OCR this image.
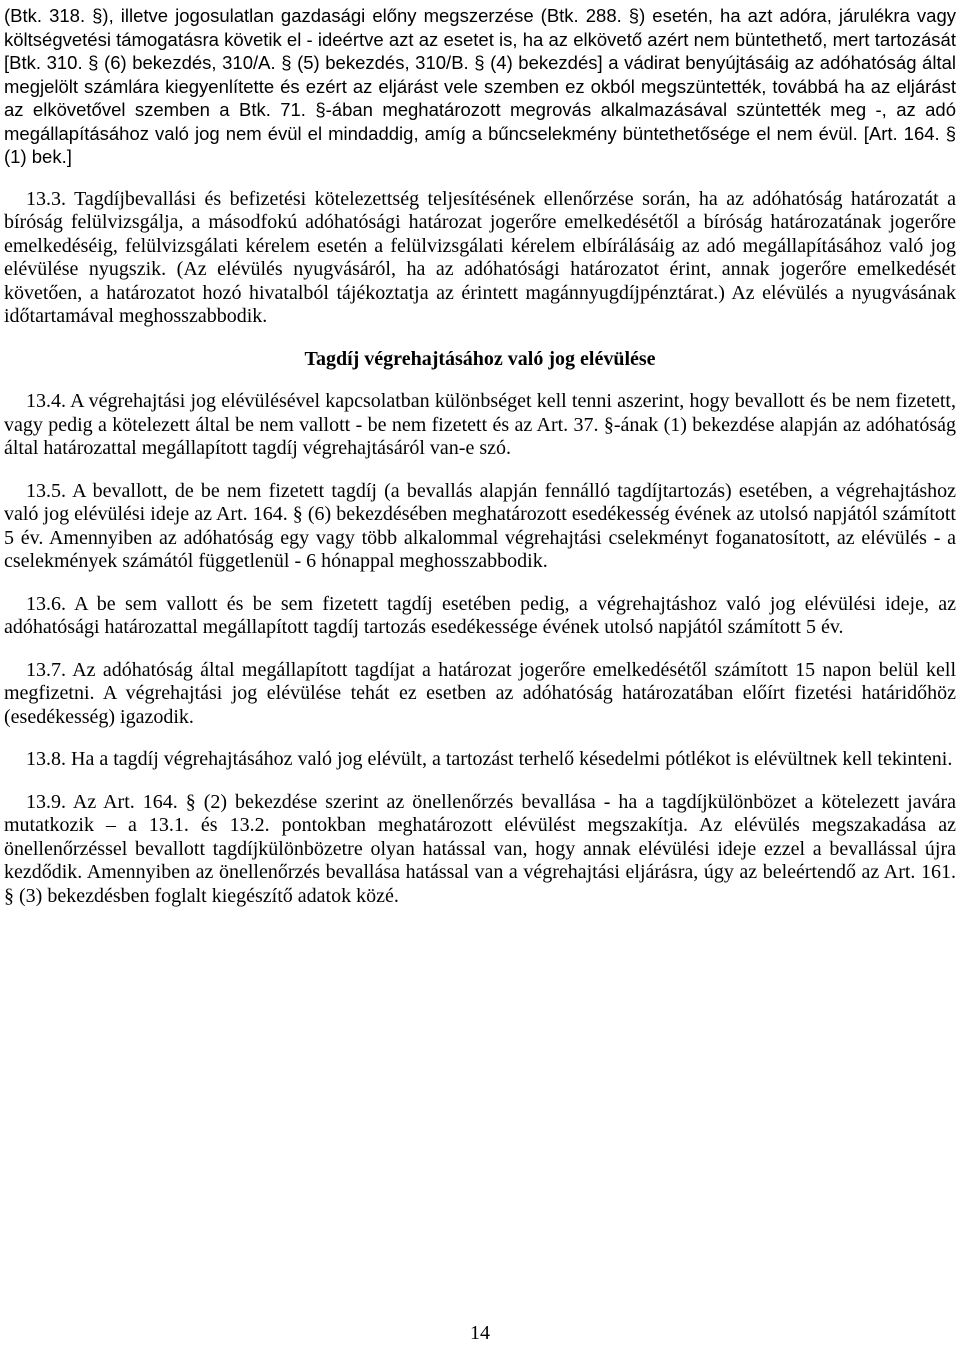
(Btk. 318. §), illetve jogosulatlan gazdasági előny megszerzése (Btk. 288. §) esetén, ha azt adóra, járulékra vagy költségvetési támogatásra követik el - ideértve azt az esetet is, ha az elkövető azért nem büntethető, mert tartozását [Btk. 310. § (6) bekezdés, 310/A. § (5) bekezdés, 310/B. § (4) bekezdés] a vádirat benyújtásáig az adóhatóság által megjelölt számlára kiegyenlítette és ezért az eljárást vele szemben ez okból megszüntették, továbbá ha az eljárást az elkövetővel szemben a Btk. 71. §-ában meghatározott megrovás alkalmazásával szüntették meg -, az adó megállapításához való jog nem évül el mindaddig, amíg a bűncselekmény büntethetősége el nem évül. [Art. 164. § (1) bek.]

13.3. Tagdíjbevallási és befizetési kötelezettség teljesítésének ellenőrzése során, ha az adóhatóság határozatát a bíróság felülvizsgálja, a másodfokú adóhatósági határozat jogerőre emelkedésétől a bíróság határozatának jogerőre emelkedéséig, felülvizsgálati kérelem esetén a felülvizsgálati kérelem elbírálásáig az adó megállapításához való jog elévülése nyugszik. (Az elévülés nyugvásáról, ha az adóhatósági határozatot érint, annak jogerőre emelkedését követően, a határozatot hozó hivatalból tájékoztatja az érintett magánnyugdíjpénztárat.) Az elévülés a nyugvásának időtartamával meghosszabbodik.

Tagdíj végrehajtásához való jog elévülése

13.4. A végrehajtási jog elévülésével kapcsolatban különbséget kell tenni aszerint, hogy bevallott és be nem fizetett, vagy pedig a kötelezett által be nem vallott - be nem fizetett és az Art. 37. §-ának (1) bekezdése alapján az adóhatóság által határozattal megállapított tagdíj végrehajtásáról van-e szó.

13.5. A bevallott, de be nem fizetett tagdíj (a bevallás alapján fennálló tagdíjtartozás) esetében, a végrehajtáshoz való jog elévülési ideje az Art. 164. § (6) bekezdésében meghatározott esedékesség évének az utolsó napjától számított 5 év. Amennyiben az adóhatóság egy vagy több alkalommal végrehajtási cselekményt foganatosított, az elévülés - a cselekmények számától függetlenül - 6 hónappal meghosszabbodik.

13.6. A be sem vallott és be sem fizetett tagdíj esetében pedig, a végrehajtáshoz való jog elévülési ideje, az adóhatósági határozattal megállapított tagdíj tartozás esedékessége évének utolsó napjától számított 5 év.

13.7. Az adóhatóság által megállapított tagdíjat a határozat jogerőre emelkedésétől számított 15 napon belül kell megfizetni. A végrehajtási jog elévülése tehát ez esetben az adóhatóság határozatában előírt fizetési határidőhöz (esedékesség) igazodik.

13.8. Ha a tagdíj végrehajtásához való jog elévült, a tartozást terhelő késedelmi pótlékot is elévültnek kell tekinteni.

13.9. Az Art. 164. § (2) bekezdése szerint az önellenőrzés bevallása - ha a tagdíjkülönbözet a kötelezett javára mutatkozik – a 13.1. és 13.2. pontokban meghatározott elévülést megszakítja. Az elévülés megszakadása az önellenőrzéssel bevallott tagdíjkülönbözetre olyan hatással van, hogy annak elévülési ideje ezzel a bevallással újra kezdődik. Amennyiben az önellenőrzés bevallása hatással van a végrehajtási eljárásra, úgy az beleértendő az Art. 161. § (3) bekezdésben foglalt kiegészítő adatok közé.

14
